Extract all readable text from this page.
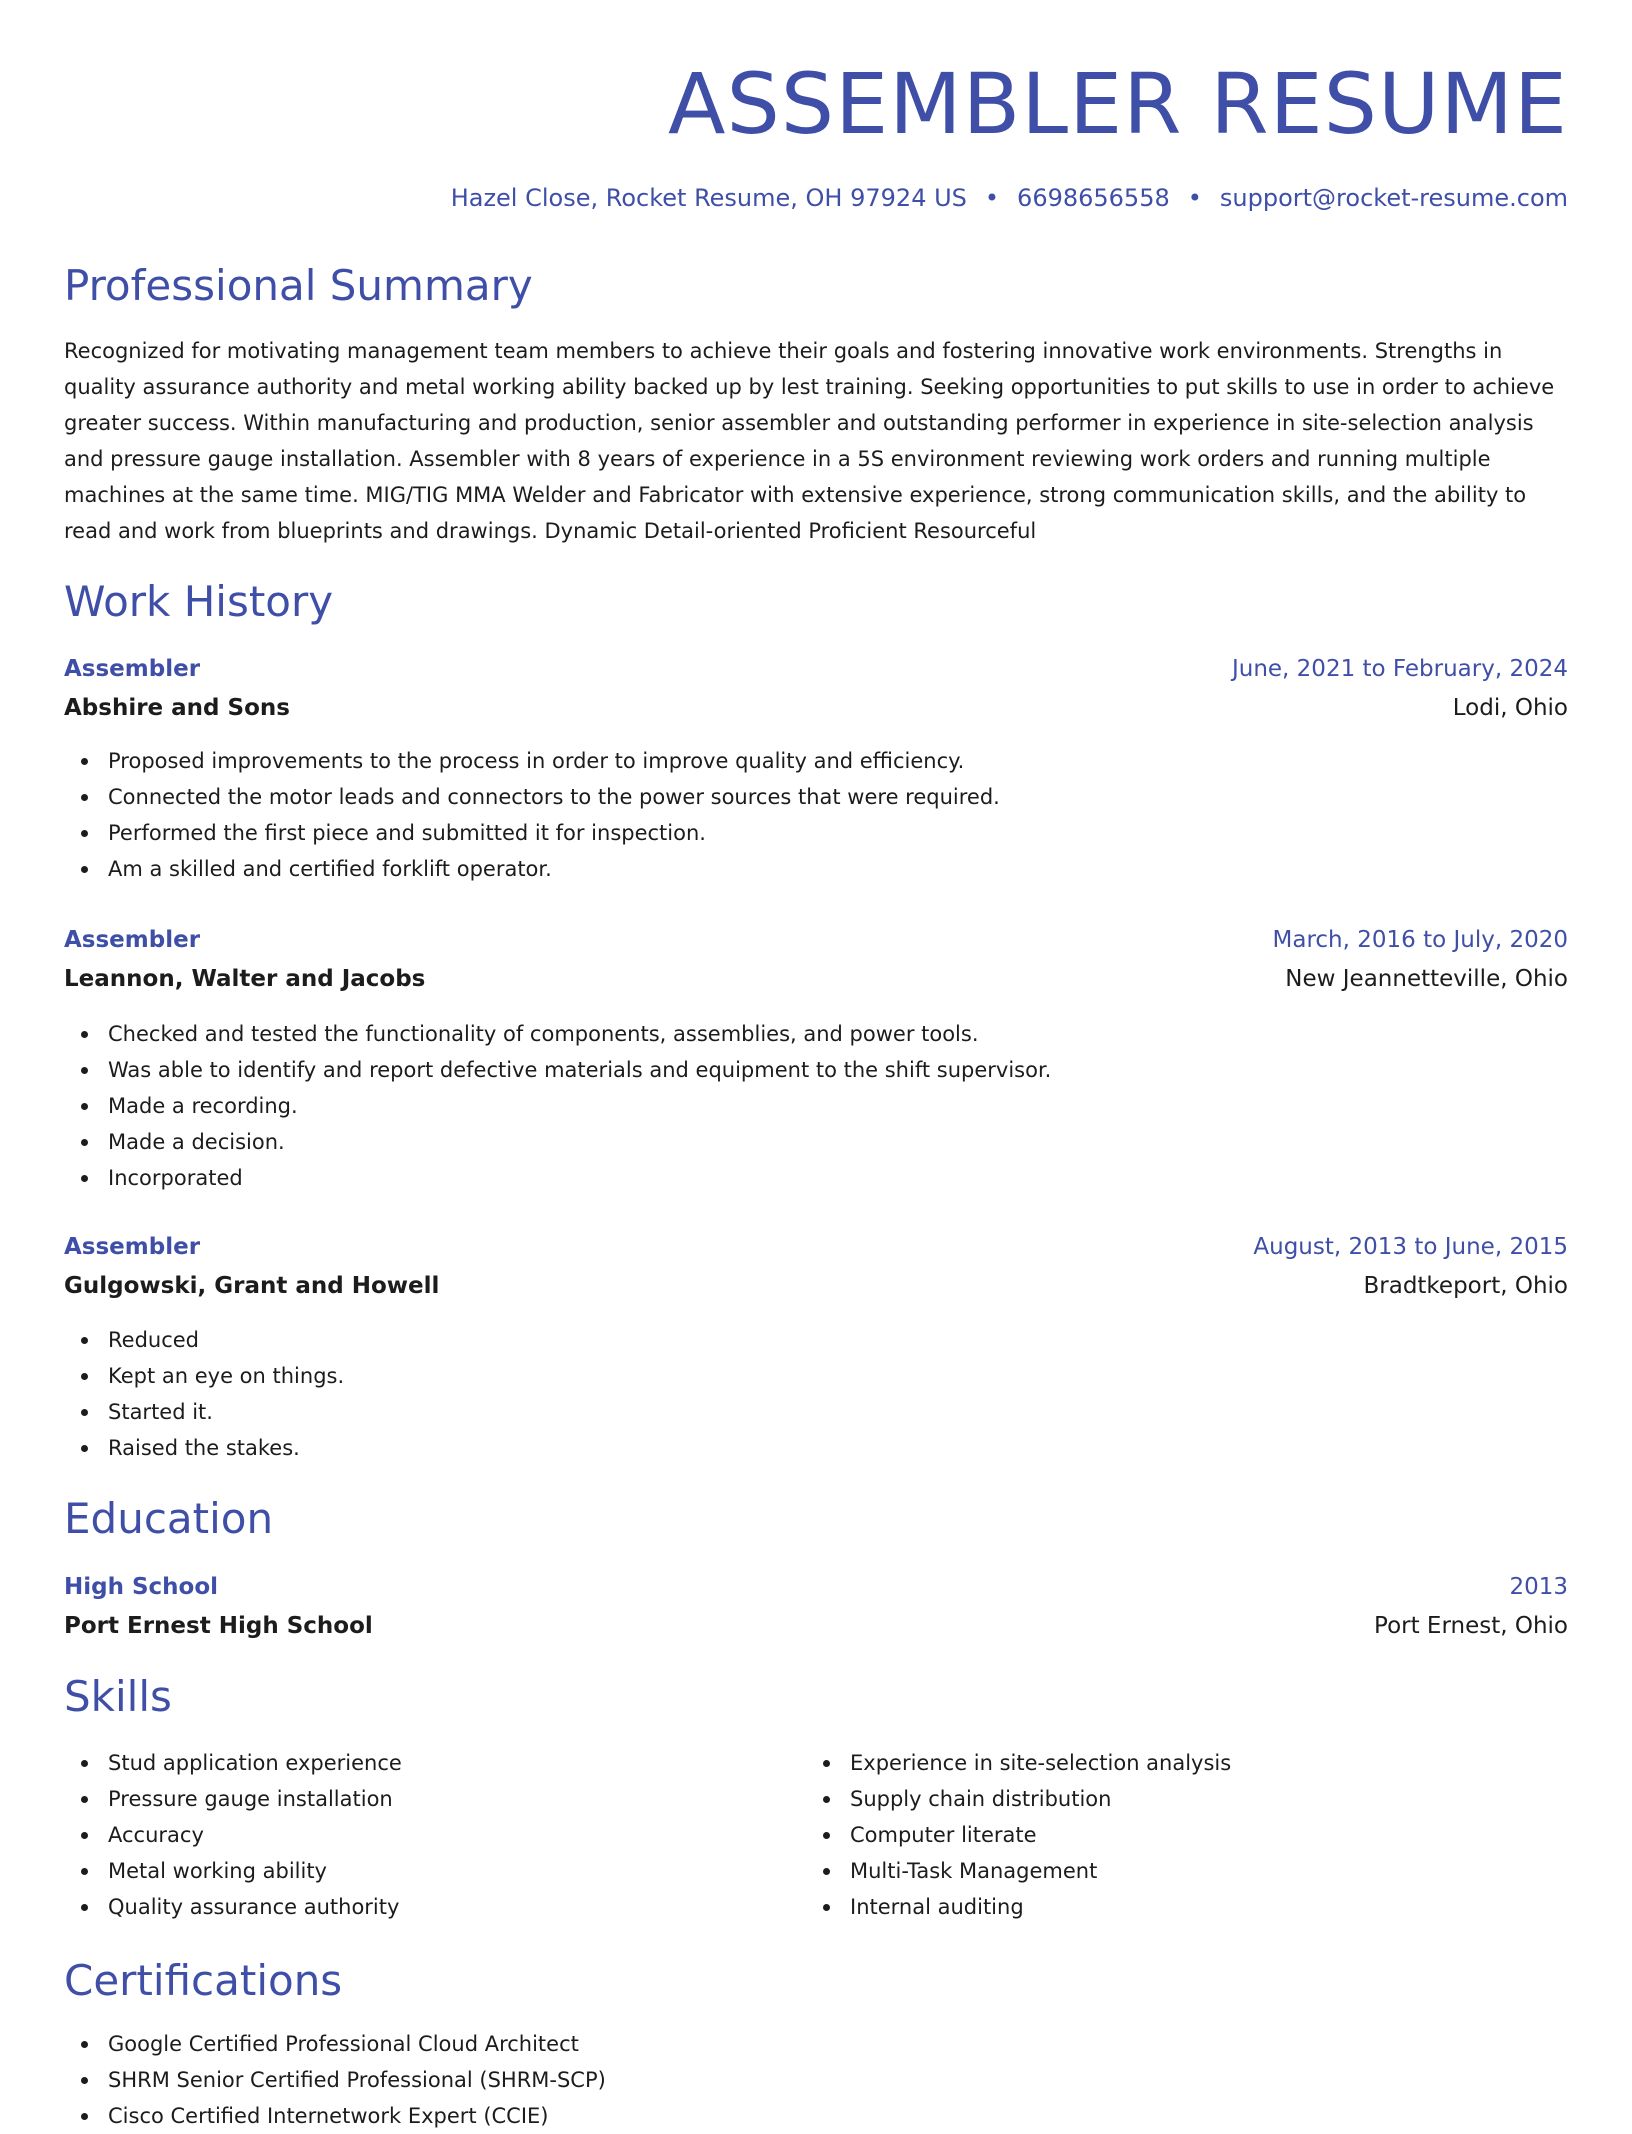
ASSEMBLER RESUME
Hazel Close, Rocket Resume, OH 97924 US • 6698656558 • support@rocket-resume.com
Professional Summary

Recognized for motivating management team members to achieve their goals and fostering innovative work environments. Strengths in quality assurance authority and metal working ability backed up by lest training. Seeking opportunities to put skills to use in order to achieve greater success. Within manufacturing and production, senior assembler and outstanding performer in experience in site-selection analysis and pressure gauge installation. Assembler with 8 years of experience in a 5S environment reviewing work orders and running multiple machines at the same time. MIG/TIG MMA Welder and Fabricator with extensive experience, strong communication skills, and the ability to read and work from blueprints and drawings. Dynamic Detail-oriented Proficient Resourceful

Work History
Assembler	June, 2021 to February, 2024
Abshire and Sons	Lodi, Ohio
Proposed improvements to the process in order to improve quality and efficiency.
Connected the motor leads and connectors to the power sources that were required.
Performed the first piece and submitted it for inspection.
Am a skilled and certified forklift operator.
Assembler	March, 2016 to July, 2020
Leannon, Walter and Jacobs	New Jeannetteville, Ohio
Checked and tested the functionality of components, assemblies, and power tools.
Was able to identify and report defective materials and equipment to the shift supervisor.
Made a recording.
Made a decision.
Incorporated
Assembler	August, 2013 to June, 2015
Gulgowski, Grant and Howell	Bradtkeport, Ohio
Reduced
Kept an eye on things.
Started it.
Raised the stakes.
Education
High School	2013
Port Ernest High School	Port Ernest, Ohio
Skills
Stud application experience
Pressure gauge installation
Accuracy
Metal working ability
Quality assurance authority
Experience in site-selection analysis
Supply chain distribution
Computer literate
Multi-Task Management
Internal auditing
Certifications
Google Certified Professional Cloud Architect
SHRM Senior Certified Professional (SHRM-SCP)
Cisco Certified Internetwork Expert (CCIE)
